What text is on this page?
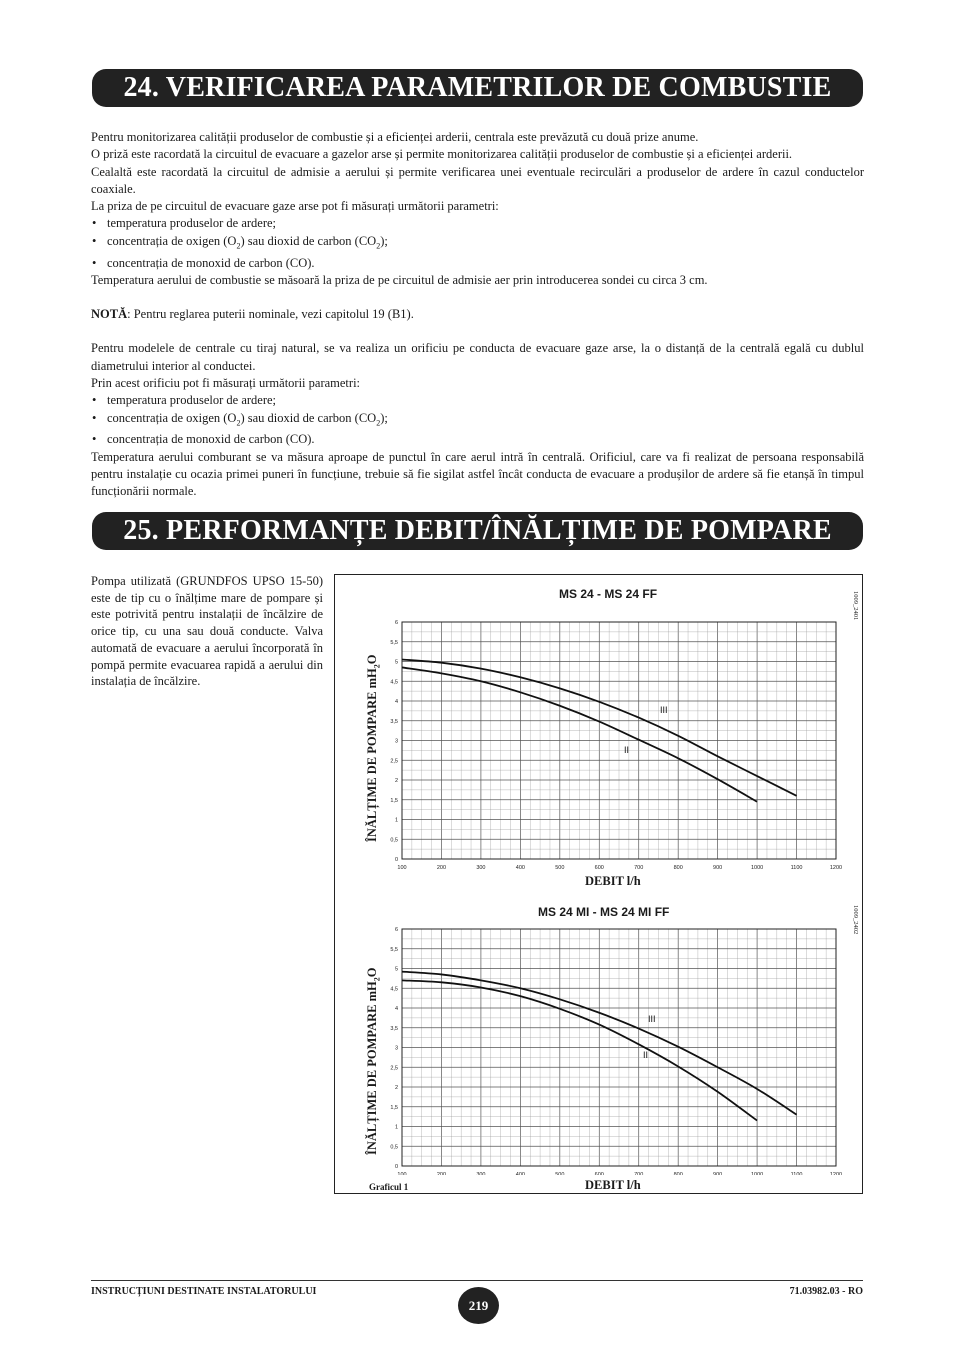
24. VERIFICAREA PARAMETRILOR DE COMBUSTIE

Pentru monitorizarea calității produselor de combustie și a eficienței arderii, centrala este prevăzută cu două prize anume.

O priză este racordată la circuitul de evacuare a gazelor arse și permite monitorizarea calității produselor de combustie și a eficienței arderii.

Cealaltă este racordată la circuitul de admisie a aerului și permite verificarea unei eventuale recirculări a produselor de ardere în cazul conductelor coaxiale.

La priza de pe circuitul de evacuare gaze arse pot fi măsurați următorii parametri:

• temperatura produselor de ardere;
• concentrația de oxigen $(O_2)$ sau dioxid de carbon $(CO_2)$;
• concentrația de monoxid de carbon (CO).

Temperatura aerului de combustie se măsoară la priza de pe circuitul de admisie aer prin introducerea sondei cu circa 3 cm.

NOTĂ: Pentru reglarea puterii nominale, vezi capitolul 19 (B1).

Pentru modelele de centrale cu tiraj natural, se va realiza un orificiu pe conducta de evacuare gaze arse, la o distanță de la centrală egală cu dublul diametrului interior al conductei.

Prin acest orificiu pot fi măsurați următorii parametri:

• temperatura produselor de ardere;
• concentrația de oxigen $(O_2)$ sau dioxid de carbon $(CO_2)$;
• concentrația de monoxid de carbon (CO).

Temperatura aerului comburant se va măsura aproape de punctul în care aerul intră în centrală. Orificiul, care va fi realizat de persoana responsabilă pentru instalație cu ocazia primei puneri în funcțiune, trebuie să fie sigilat astfel încât conducta de evacuare a produșilor de ardere să fie etanșă în timpul funcționării normale.

25. PERFORMANȚE DEBIT/ÎNĂLȚIME DE POMPARE
Pompa utilizată (GRUNDFOS UPSO 15-50) este de tip cu o înălțime mare de pompare și este potrivită pentru instalații de încălzire de orice tip, cu una sau două conducte. Valva automată de evacuare a aerului încorporată în pompă permite evacuarea rapidă a aerului din instalația de încălzire.
MS 24 - MS 24 FF	1009_2401
ÎNĂLȚIME DE POMPARE $mH_2O$
100	200	300	400	500	600	700	800	900	1000	1100	1200
0
0,5
1
1,5
2
2,5
3
3,5
4
4,5
5
5,5
6
III
II
DEBIT l/h
MS 24 MI - MS 24 MI FF	1009_2402
ÎNĂLȚIME DE POMPARE $mH_2O$
100	200	300	400	500	600	700	800	900	1000	1100	1200
0
0,5
1
1,5
2
2,5
3
3,5
4
4,5
5
5,5
6
III
II
Graficul 1	DEBIT l/h
INSTRUCȚIUNI DESTINATE INSTALATORULUI
219
71.03982.03 - RO
